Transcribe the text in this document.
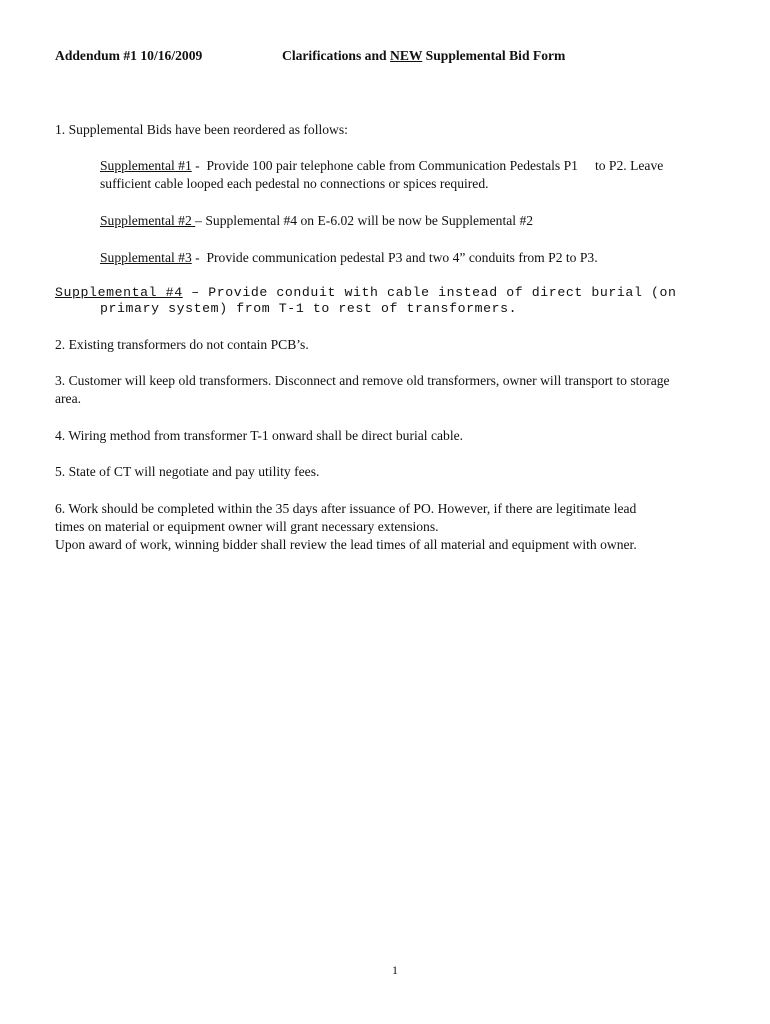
Addendum #1 10/16/2009	Clarifications and NEW Supplemental Bid Form
1. Supplemental Bids have been reordered as follows:
Supplemental #1 -  Provide 100 pair telephone cable from Communication Pedestals P1     to P2. Leave
sufficient cable looped each pedestal no connections or spices required.
Supplemental #2 – Supplemental #4 on E-6.02 will be now be Supplemental #2
Supplemental #3 -  Provide communication pedestal P3 and two 4” conduits from P2 to P3.
Supplemental #4 – Provide conduit with cable instead of direct burial (on
primary system) from T-1 to rest of transformers.
2. Existing transformers do not contain PCB’s.
3. Customer will keep old transformers. Disconnect and remove old transformers, owner will transport to storage
area.
4. Wiring method from transformer T-1 onward shall be direct burial cable.
5. State of CT will negotiate and pay utility fees.
6. Work should be completed within the 35 days after issuance of PO. However, if there are legitimate lead
times on material or equipment owner will grant necessary extensions.
Upon award of work, winning bidder shall review the lead times of all material and equipment with owner.
1
